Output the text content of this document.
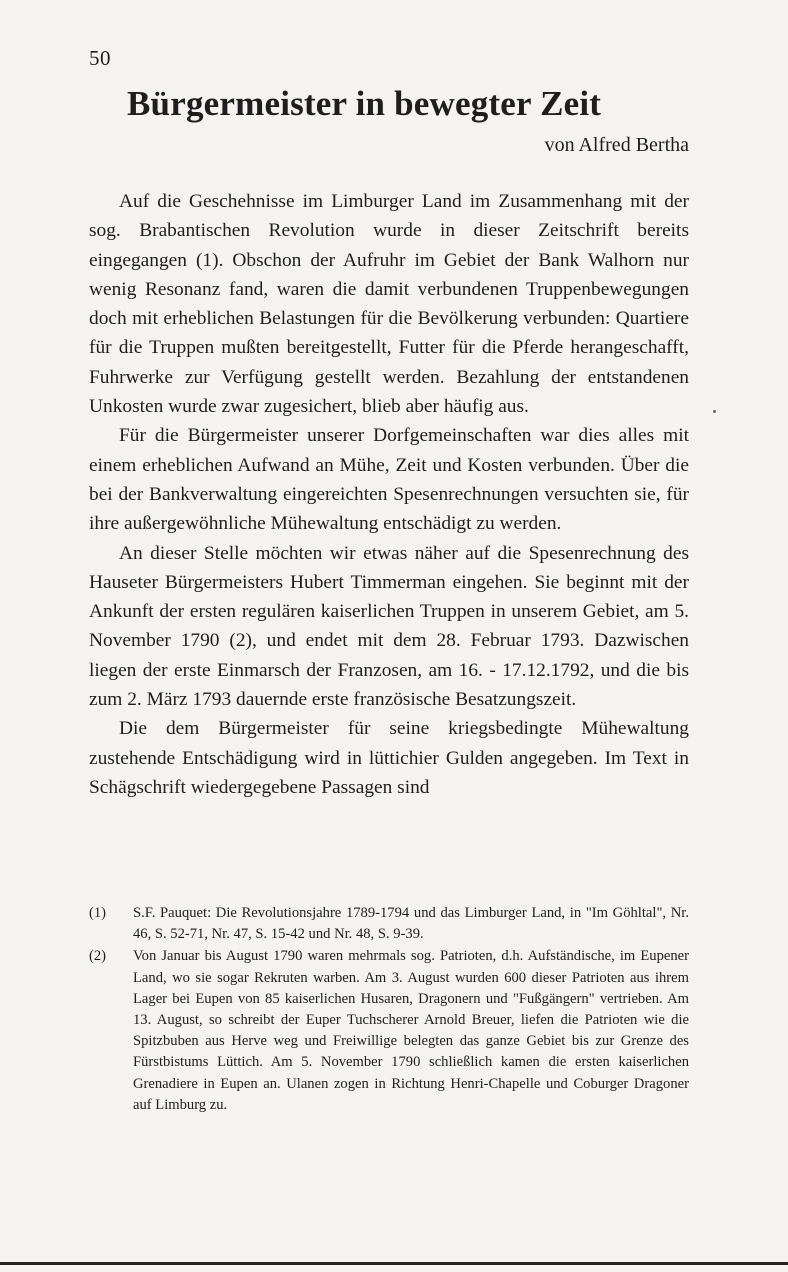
50
Bürgermeister in bewegter Zeit
von Alfred Bertha

Auf die Geschehnisse im Limburger Land im Zusammenhang mit der sog. Brabantischen Revolution wurde in dieser Zeitschrift bereits eingegangen (1). Obschon der Aufruhr im Gebiet der Bank Walhorn nur wenig Resonanz fand, waren die damit verbundenen Truppenbewegungen doch mit erheblichen Belastungen für die Bevölkerung verbunden: Quartiere für die Truppen mußten bereitgestellt, Futter für die Pferde herangeschafft, Fuhrwerke zur Verfügung gestellt werden. Bezahlung der entstandenen Unkosten wurde zwar zugesichert, blieb aber häufig aus.

Für die Bürgermeister unserer Dorfgemeinschaften war dies alles mit einem erheblichen Aufwand an Mühe, Zeit und Kosten verbunden. Über die bei der Bankverwaltung eingereichten Spesenrechnungen versuchten sie, für ihre außergewöhnliche Mühewaltung entschädigt zu werden.

An dieser Stelle möchten wir etwas näher auf die Spesenrechnung des Hauseter Bürgermeisters Hubert Timmerman eingehen. Sie beginnt mit der Ankunft der ersten regulären kaiserlichen Truppen in unserem Gebiet, am 5. November 1790 (2), und endet mit dem 28. Februar 1793. Dazwischen liegen der erste Einmarsch der Franzosen, am 16. - 17.12.1792, und die bis zum 2. März 1793 dauernde erste französische Besatzungszeit.

Die dem Bürgermeister für seine kriegsbedingte Mühewaltung zustehende Entschädigung wird in lüttichier Gulden angegeben. Im Text in Schägschrift wiedergegebene Passagen sind

(1)	S.F. Pauquet: Die Revolutionsjahre 1789-1794 und das Limburger Land, in "Im Göhltal", Nr. 46, S. 52-71, Nr. 47, S. 15-42 und Nr. 48, S. 9-39.
(2)	Von Januar bis August 1790 waren mehrmals sog. Patrioten, d.h. Aufständische, im Eupener Land, wo sie sogar Rekruten warben. Am 3. August wurden 600 dieser Patrioten aus ihrem Lager bei Eupen von 85 kaiserlichen Husaren, Dragonern und "Fußgängern" vertrieben. Am 13. August, so schreibt der Euper Tuchscherer Arnold Breuer, liefen die Patrioten wie die Spitzbuben aus Herve weg und Freiwillige belegten das ganze Gebiet bis zur Grenze des Fürstbistums Lüttich. Am 5. November 1790 schließlich kamen die ersten kaiserlichen Grenadiere in Eupen an. Ulanen zogen in Richtung Henri-Chapelle und Coburger Dragoner auf Limburg zu.
